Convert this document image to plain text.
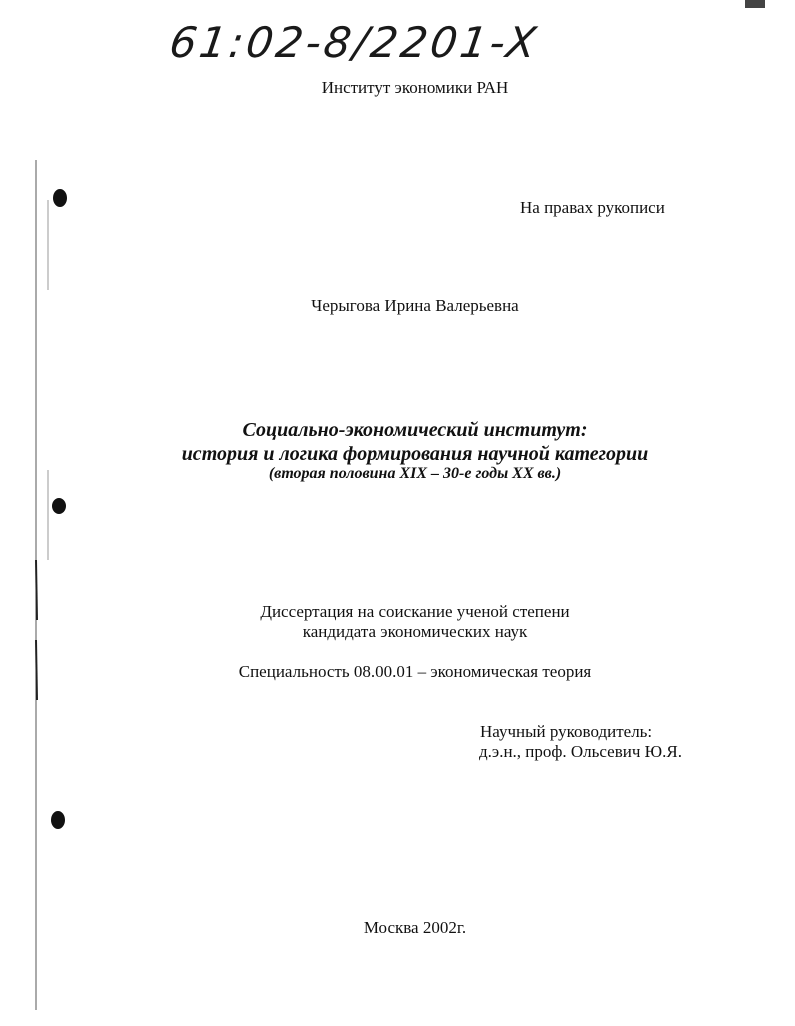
61:02-8/2201-X
Институт экономики РАН
На правах рукописи
Черыгова Ирина Валерьевна
Социально-экономический институт:
история и логика формирования научной категории
(вторая половина XIX – 30-е годы XX вв.)
Диссертация на соискание ученой степени
кандидата экономических наук
Специальность 08.00.01 – экономическая теория
Научный руководитель:
д.э.н., проф. Ольсевич Ю.Я.
Москва 2002г.
